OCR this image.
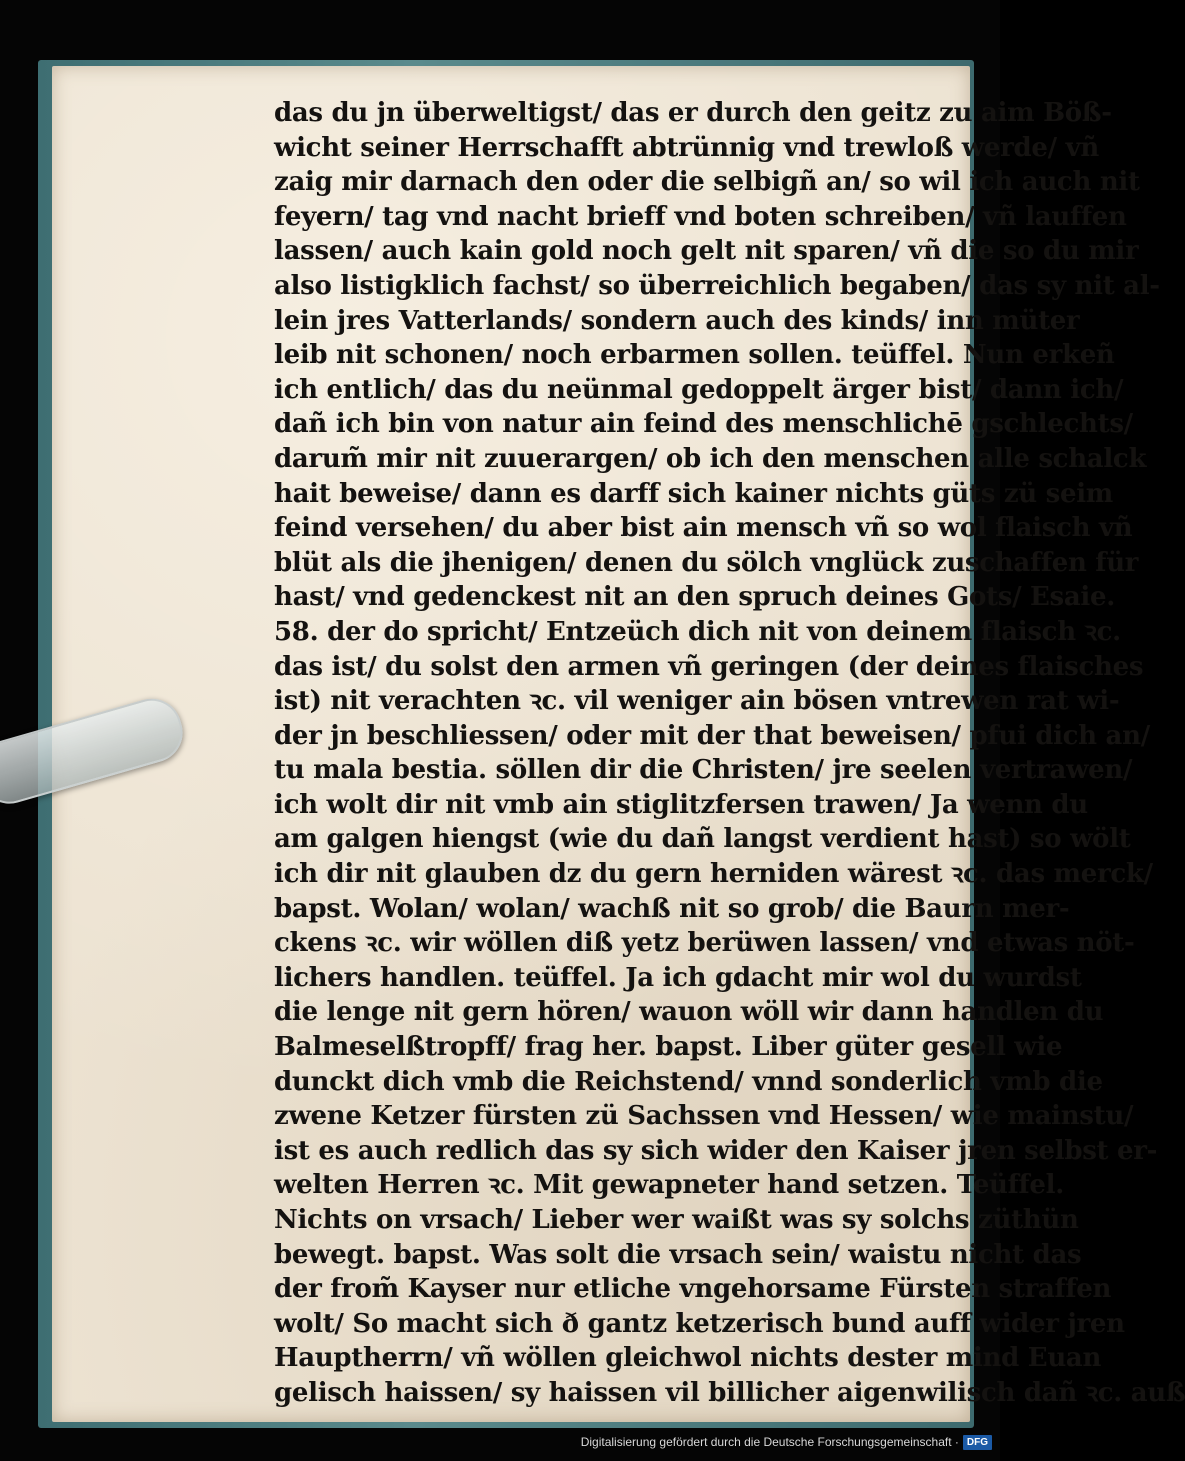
das du jn überweltigst/ das er durch den geitz zu aim Böß-
wicht seiner Herrschafft abtrünnig vnd trewloß werde/ vñ
zaig mir darnach den oder die selbigñ an/ so wil ich auch nit
feyern/ tag vnd nacht brieff vnd boten schreiben/ vñ lauffen
lassen/ auch kain gold noch gelt nit sparen/ vñ die so du mir
also listigklich fachst/ so überreichlich begaben/ das sy nit al-
lein jres Vatterlands/ sondern auch des kinds/ inn müter
leib nit schonen/ noch erbarmen sollen. teüffel. Nun erkeñ
ich entlich/ das du neünmal gedoppelt ärger bist/ dann ich/
dañ ich bin von natur ain feind des menschlichē gschlechts/
darum̃ mir nit zuuerargen/ ob ich den menschen alle schalck
hait beweise/ dann es darff sich kainer nichts güts zü seim
feind versehen/ du aber bist ain mensch vñ so wol flaisch vñ
blüt als die jhenigen/ denen du sölch vnglück zuschaffen für
hast/ vnd gedenckest nit an den spruch deines Gots/ Esaie.
58. der do spricht/ Entzeüch dich nit von deinem flaisch ꝛc.
das ist/ du solst den armen vñ geringen (der deines flaisches
ist) nit verachten ꝛc. vil weniger ain bösen vntrewen rat wi-
der jn beschliessen/ oder mit der that beweisen/ pfui dich an/
tu mala bestia. söllen dir die Christen/ jre seelen vertrawen/
ich wolt dir nit vmb ain stiglitzfersen trawen/ Ja wenn du
am galgen hiengst (wie du dañ langst verdient hast) so wölt
ich dir nit glauben dz du gern herniden wärest ꝛc. das merck/
bapst. Wolan/ wolan/ wachß nit so grob/ die Baurn mer-
ckens ꝛc. wir wöllen diß yetz berüwen lassen/ vnd etwas nöt-
lichers handlen. teüffel. Ja ich gdacht mir wol du wurdst
die lenge nit gern hören/ wauon wöll wir dann handlen du
Balmeselßtropff/ frag her. bapst. Liber güter gesell wie
dunckt dich vmb die Reichstend/ vnnd sonderlich vmb die
zwene Ketzer fürsten zü Sachssen vnd Hessen/ wie mainstu/
ist es auch redlich das sy sich wider den Kaiser jren selbst er-
welten Herren ꝛc. Mit gewapneter hand setzen. Teüffel.
Nichts on vrsach/ Lieber wer waißt was sy solchs züthün
bewegt. bapst. Was solt die vrsach sein/ waistu nicht das
der from̃ Kayser nur etliche vngehorsame Fürsten straffen
wolt/ So macht sich ð gantz ketzerisch bund auff wider jren
Hauptherrn/ vñ wöllen gleichwol nichts dester mind Euan
gelisch haissen/ sy haissen vil billicher aigenwilisch dañ ꝛc. auß
Digitalisierung gefördert durch die Deutsche Forschungsgemeinschaft · DFG
